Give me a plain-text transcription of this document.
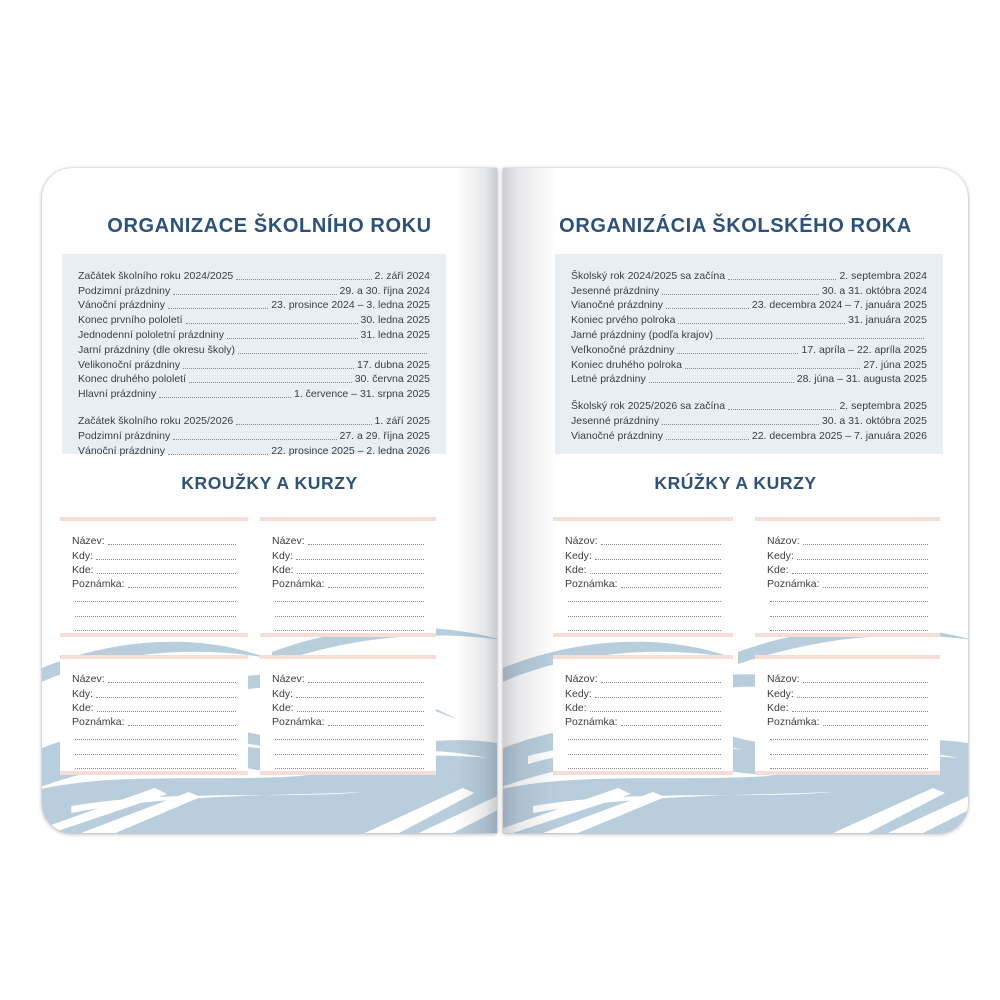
ORGANIZACE ŠKOLNÍHO ROKU
Začátek školního roku 2024/2025	2. září 2024
Podzimní prázdniny	29. a 30. října 2024
Vánoční prázdniny	23. prosince 2024 – 3. ledna 2025
Konec prvního pololetí	30. ledna 2025
Jednodenní pololetní prázdniny	31. ledna 2025
Jarní prázdniny (dle okresu školy)
Velikonoční prázdniny	17. dubna 2025
Konec druhého pololetí	30. června 2025
Hlavní prázdniny	1. července – 31. srpna 2025
Začátek školního roku 2025/2026	1. září 2025
Podzimní prázdniny	27. a 29. října 2025
Vánoční prázdniny	22. prosince 2025 – 2. ledna 2026
KROUŽKY A KURZY
Název:
Kdy:
Kde:
Poznámka:
Název:
Kdy:
Kde:
Poznámka:
Název:
Kdy:
Kde:
Poznámka:
Název:
Kdy:
Kde:
Poznámka:
ORGANIZÁCIA ŠKOLSKÉHO ROKA
Školský rok 2024/2025 sa začína	2. septembra 2024
Jesenné prázdniny	30. a 31. októbra 2024
Vianočné prázdniny	23. decembra 2024 – 7. januára 2025
Koniec prvého polroka	31. januára 2025
Jarné prázdniny (podľa krajov)
Veľkonočné prázdniny	17. apríla – 22. apríla 2025
Koniec druhého polroka	27. júna 2025
Letné prázdniny	28. júna – 31. augusta 2025
Školský rok 2025/2026 sa začína	2. septembra 2025
Jesenné prázdniny	30. a 31. októbra 2025
Vianočné prázdniny	22. decembra 2025 – 7. januára 2026
KRÚŽKY A KURZY
Názov:
Kedy:
Kde:
Poznámka:
Názov:
Kedy:
Kde:
Poznámka:
Názov:
Kedy:
Kde:
Poznámka:
Názov:
Kedy:
Kde:
Poznámka:
